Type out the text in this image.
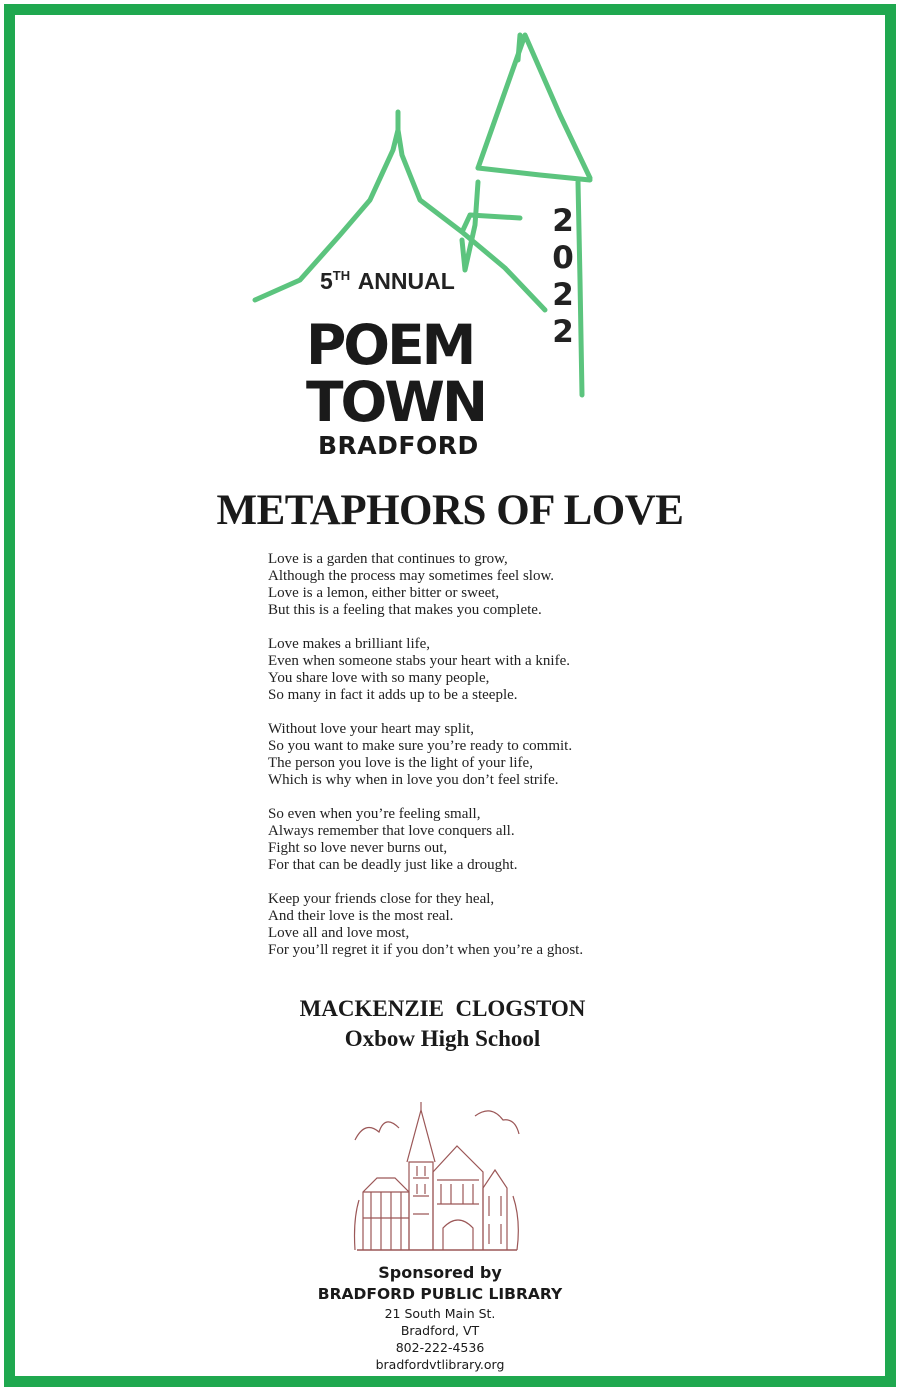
5TH ANNUAL
2
0
2
2
POEM
TOWN
BRADFORD
METAPHORS OF LOVE
Love is a garden that continues to grow,
Although the process may sometimes feel slow.
Love is a lemon, either bitter or sweet,
But this is a feeling that makes you complete.
Love makes a brilliant life,
Even when someone stabs your heart with a knife.
You share love with so many people,
So many in fact it adds up to be a steeple.
Without love your heart may split,
So you want to make sure you’re ready to commit.
The person you love is the light of your life,
Which is why when in love you don’t feel strife.
So even when you’re feeling small,
Always remember that love conquers all.
Fight so love never burns out,
For that can be deadly just like a drought.
Keep your friends close for they heal,
And their love is the most real.
Love all and love most,
For you’ll regret it if you don’t when you’re a ghost.
MACKENZIE  CLOGSTON
Oxbow High School
Sponsored by
BRADFORD PUBLIC LIBRARY
21 South Main St.
Bradford, VT
802-222-4536
bradfordvtlibrary.org
